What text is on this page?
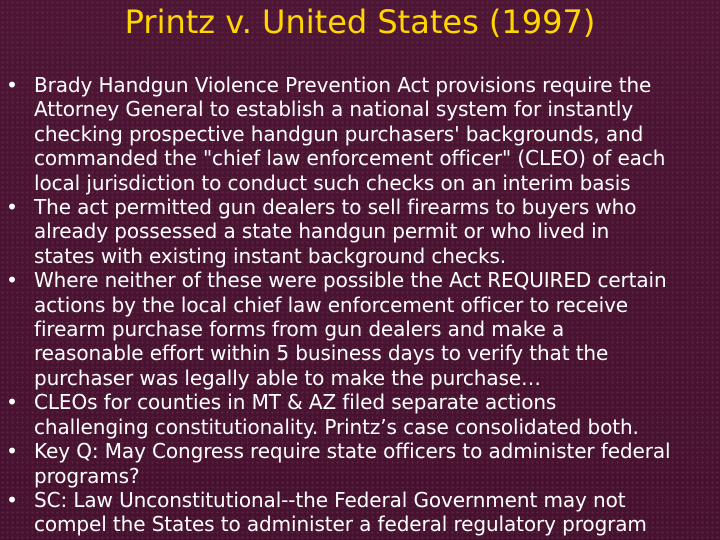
Printz v. United States (1997)
• Brady Handgun Violence Prevention Act provisions require the
Attorney General to establish a national system for instantly
checking prospective handgun purchasers' backgrounds, and
commanded the "chief law enforcement officer" (CLEO) of each
local jurisdiction to conduct such checks on an interim basis
• The act permitted gun dealers to sell firearms to buyers who
already possessed a state handgun permit or who lived in
states with existing instant background checks.
• Where neither of these were possible the Act REQUIRED certain
actions by the local chief law enforcement officer to receive
firearm purchase forms from gun dealers and make a
reasonable effort within 5 business days to verify that the
purchaser was legally able to make the purchase…
• CLEOs for counties in MT & AZ filed separate actions
challenging constitutionality. Printz’s case consolidated both.
• Key Q: May Congress require state officers to administer federal
programs?
• SC: Law Unconstitutional--the Federal Government may not
compel the States to administer a federal regulatory program
